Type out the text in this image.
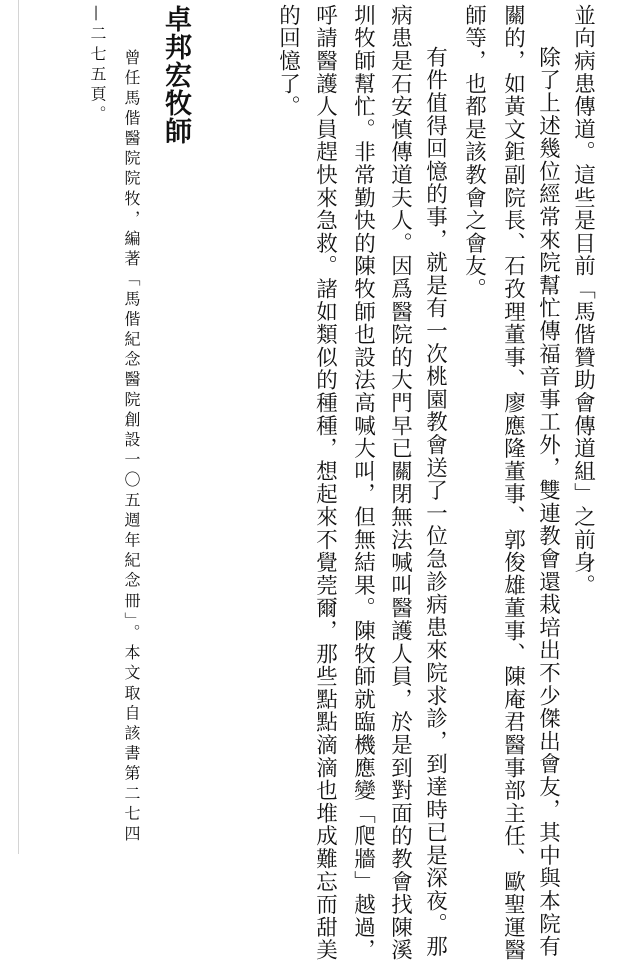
並向病患傳道。這些是目前「馬偕贊助會傳道組」之前身。
除了上述幾位經常來院幫忙傳福音事工外，雙連教會還栽培出不少傑出會友，其中與本院有
關的，如黃文鉅副院長、石孜理董事、廖應隆董事、郭俊雄董事、陳庵君醫事部主任、歐聖運醫
師等，也都是該教會之會友。
有件值得回憶的事，就是有一次桃園教會送了一位急診病患來院求診，到達時已是深夜。那
病患是石安慎傳道夫人。因爲醫院的大門早已關閉無法喊叫醫護人員，於是到對面的教會找陳溪
圳牧師幫忙。非常勤快的陳牧師也設法高喊大叫，但無結果。陳牧師就臨機應變「爬牆」越過，
呼請醫護人員趕快來急救。諸如類似的種種，想起來不覺莞爾，那些點點滴滴也堆成難忘而甜美
的回憶了。
卓邦宏牧師
曾任馬偕醫院院牧，編著「馬偕紀念醫院創設一〇五週年紀念冊」。本文取自該書第二七四
—二七五頁。
